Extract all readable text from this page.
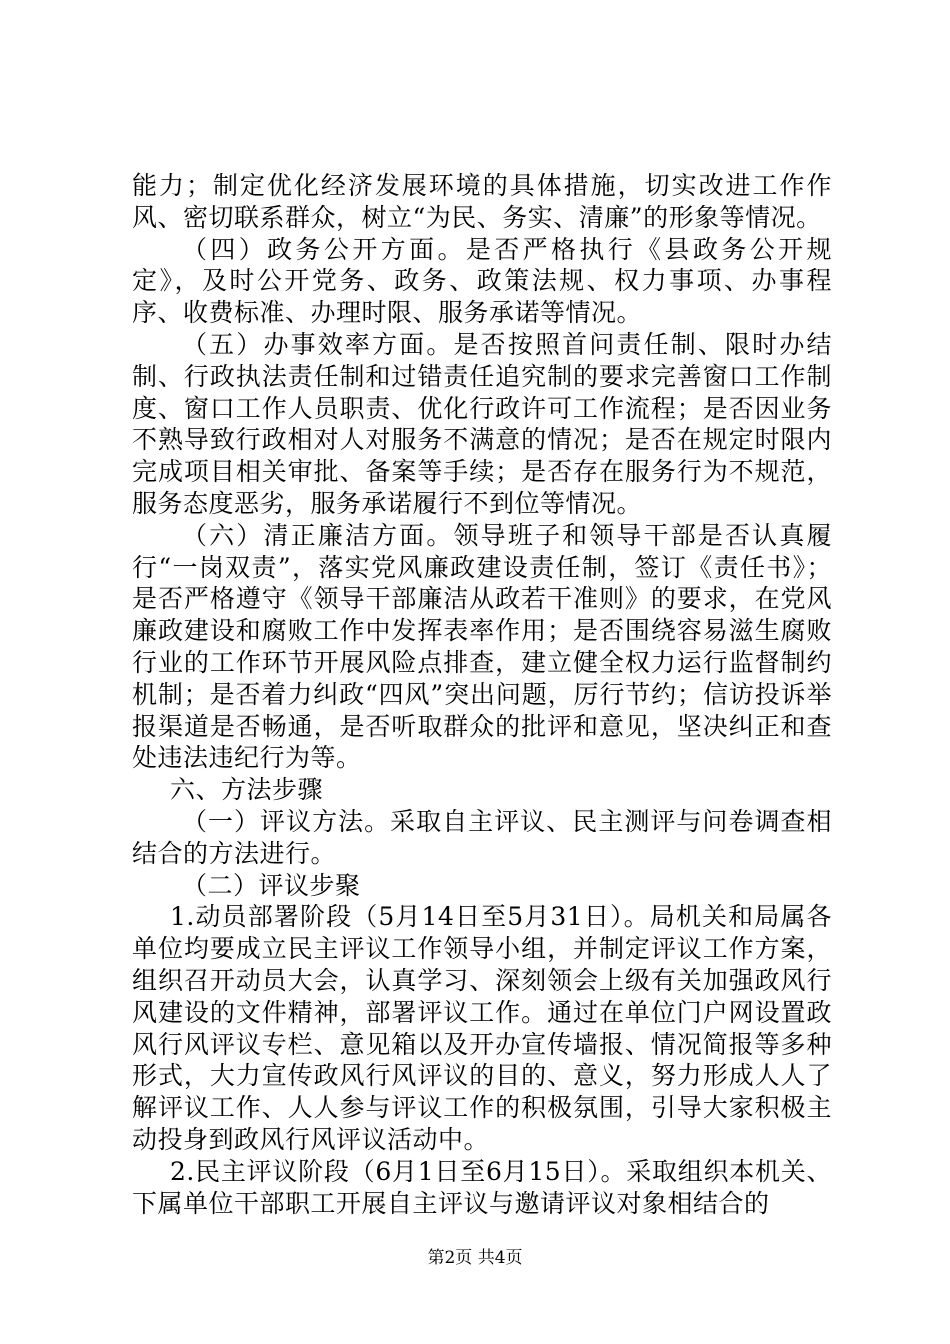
能力；制定优化经济发展环境的具体措施，切实改进工作作风、密切联系群众，树立“为民、务实、清廉”的形象等情况。

（四）政务公开方面。是否严格执行《县政务公开规定》，及时公开党务、政务、政策法规、权力事项、办事程序、收费标准、办理时限、服务承诺等情况。

（五）办事效率方面。是否按照首问责任制、限时办结制、行政执法责任制和过错责任追究制的要求完善窗口工作制度、窗口工作人员职责、优化行政许可工作流程；是否因业务不熟导致行政相对人对服务不满意的情况；是否在规定时限内完成项目相关审批、备案等手续；是否存在服务行为不规范，服务态度恶劣，服务承诺履行不到位等情况。

（六）清正廉洁方面。领导班子和领导干部是否认真履行“一岗双责”，落实党风廉政建设责任制，签订《责任书》；是否严格遵守《领导干部廉洁从政若干准则》的要求，在党风廉政建设和腐败工作中发挥表率作用；是否围绕容易滋生腐败行业的工作环节开展风险点排查，建立健全权力运行监督制约机制；是否着力纠政“四风”突出问题，厉行节约；信访投诉举报渠道是否畅通，是否听取群众的批评和意见，坚决纠正和查处违法违纪行为等。

六、方法步骤

（一）评议方法。采取自主评议、民主测评与问卷调查相结合的方法进行。

（二）评议步聚

1.动员部署阶段（5月14日至5月31日）。局机关和局属各单位均要成立民主评议工作领导小组，并制定评议工作方案，组织召开动员大会，认真学习、深刻领会上级有关加强政风行风建设的文件精神，部署评议工作。通过在单位门户网设置政风行风评议专栏、意见箱以及开办宣传墙报、情况简报等多种形式，大力宣传政风行风评议的目的、意义，努力形成人人了解评议工作、人人参与评议工作的积极氛围，引导大家积极主动投身到政风行风评议活动中。

2.民主评议阶段（6月1日至6月15日）。采取组织本机关、下属单位干部职工开展自主评议与邀请评议对象相结合的

第2页 共4页
